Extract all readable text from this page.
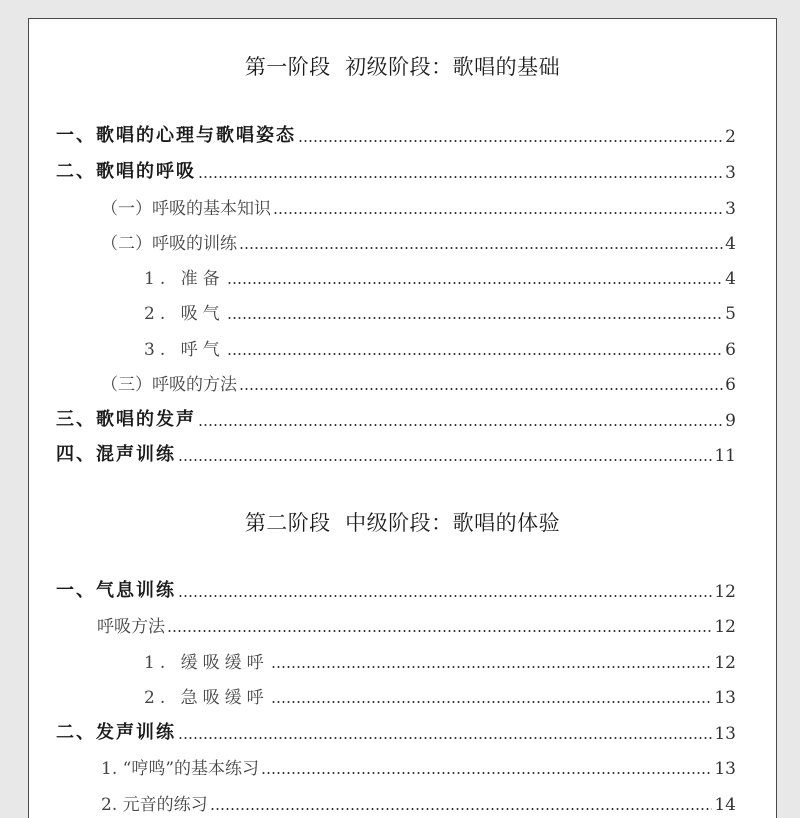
第一阶段  初级阶段：歌唱的基础
一、歌唱的心理与歌唱姿态	2
二、歌唱的呼吸	3
（一）呼吸的基本知识	3
（二）呼吸的训练	4
1. 准备	4
2. 吸气	5
3. 呼气	6
（三）呼吸的方法	6
三、歌唱的发声	9
四、混声训练	11
第二阶段  中级阶段：歌唱的体验
一、气息训练	12
呼吸方法	12
1. 缓吸缓呼	12
2. 急吸缓呼	13
二、发声训练	13
1. “哼鸣”的基本练习	13
2. 元音的练习	14
